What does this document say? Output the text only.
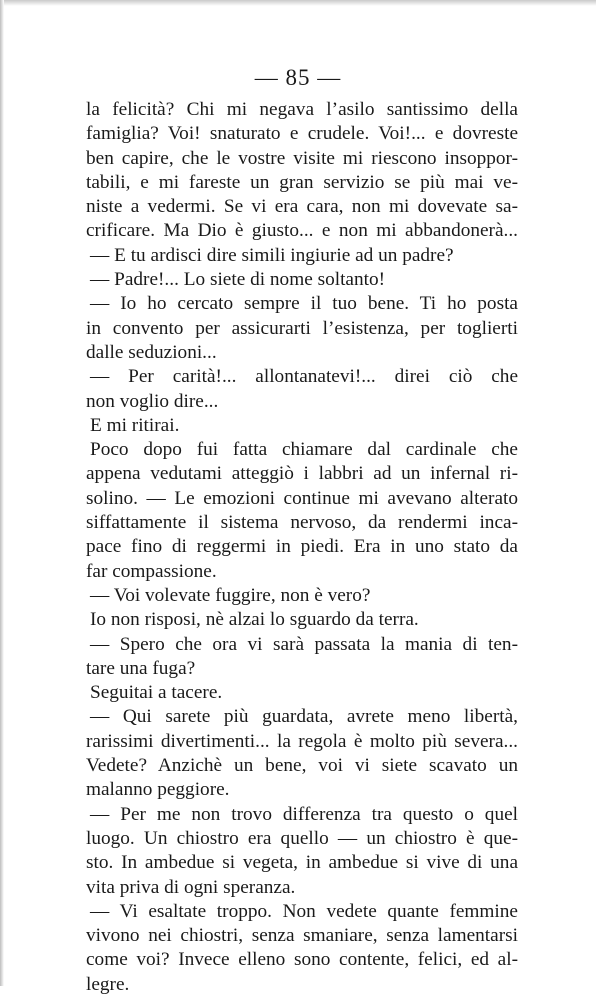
— 85 —
la felicità? Chi mi negava l’asilo santissimo della
famiglia? Voi! snaturato e crudele. Voi!... e dovreste
ben capire, che le vostre visite mi riescono insoppor-
tabili, e mi fareste un gran servizio se più mai ve-
niste a vedermi. Se vi era cara, non mi dovevate sa-
crificare. Ma Dio è giusto... e non mi abbandonerà...
— E tu ardisci dire simili ingiurie ad un padre?
— Padre!... Lo siete di nome soltanto!
— Io ho cercato sempre il tuo bene. Ti ho posta
in convento per assicurarti l’esistenza, per toglierti
dalle seduzioni...
— Per carità!... allontanatevi!... direi ciò che
non voglio dire...
E mi ritirai.
Poco dopo fui fatta chiamare dal cardinale che
appena vedutami atteggiò i labbri ad un infernal ri-
solino. — Le emozioni continue mi avevano alterato
siffattamente il sistema nervoso, da rendermi inca-
pace fino di reggermi in piedi. Era in uno stato da
far compassione.
— Voi volevate fuggire, non è vero?
Io non risposi, nè alzai lo sguardo da terra.
— Spero che ora vi sarà passata la mania di ten-
tare una fuga?
Seguitai a tacere.
— Qui sarete più guardata, avrete meno libertà,
rarissimi divertimenti... la regola è molto più severa...
Vedete? Anzichè un bene, voi vi siete scavato un
malanno peggiore.
— Per me non trovo differenza tra questo o quel
luogo. Un chiostro era quello — un chiostro è que-
sto. In ambedue si vegeta, in ambedue si vive di una
vita priva di ogni speranza.
— Vi esaltate troppo. Non vedete quante femmine
vivono nei chiostri, senza smaniare, senza lamentarsi
come voi? Invece elleno sono contente, felici, ed al-
legre.
